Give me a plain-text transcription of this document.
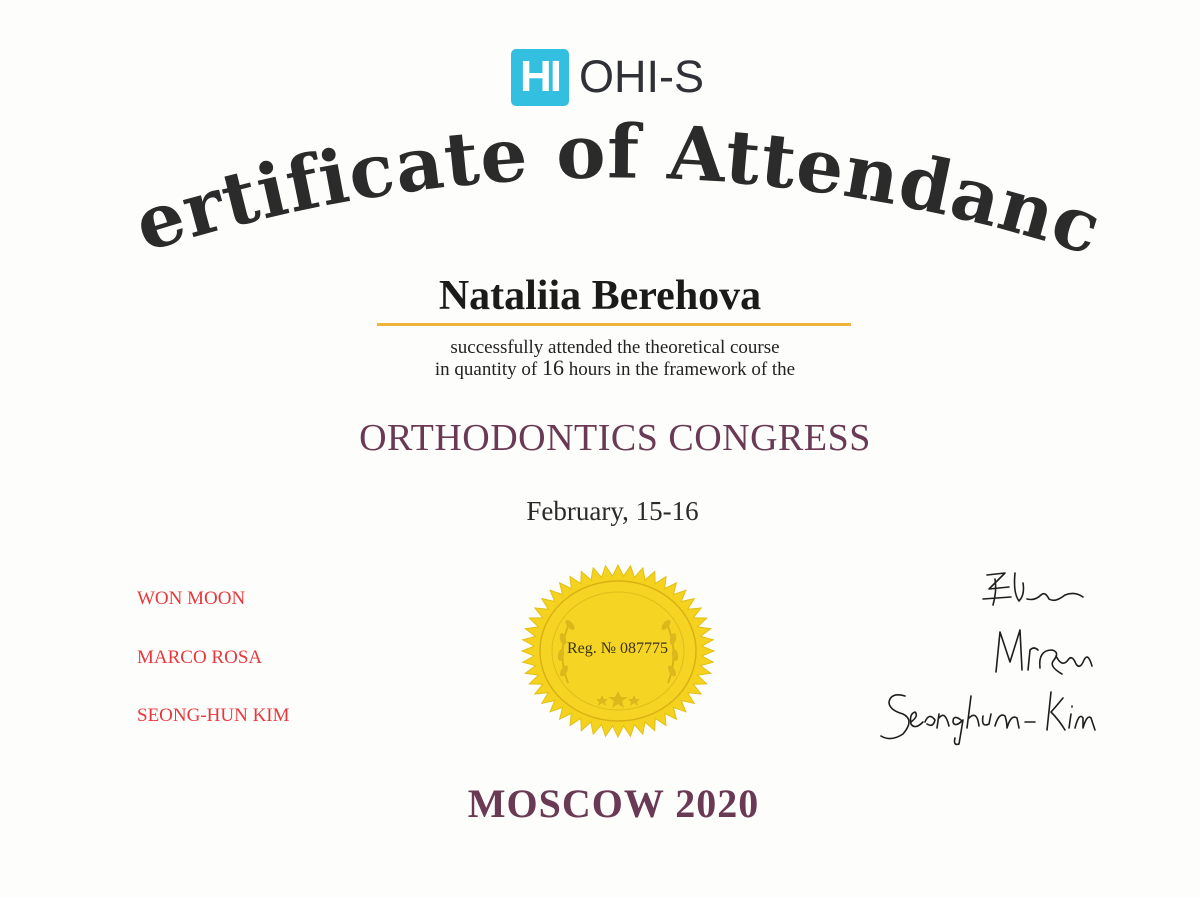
HI OHI-S
ertificate of Attendanc
Nataliia Berehova
successfully attended the theoretical course
in quantity of 16 hours in the framework of the
ORTHODONTICS CONGRESS
February, 15-16
WON MOON
MARCO ROSA
SEONG-HUN KIM
Reg. № 087775
MOSCOW 2020
